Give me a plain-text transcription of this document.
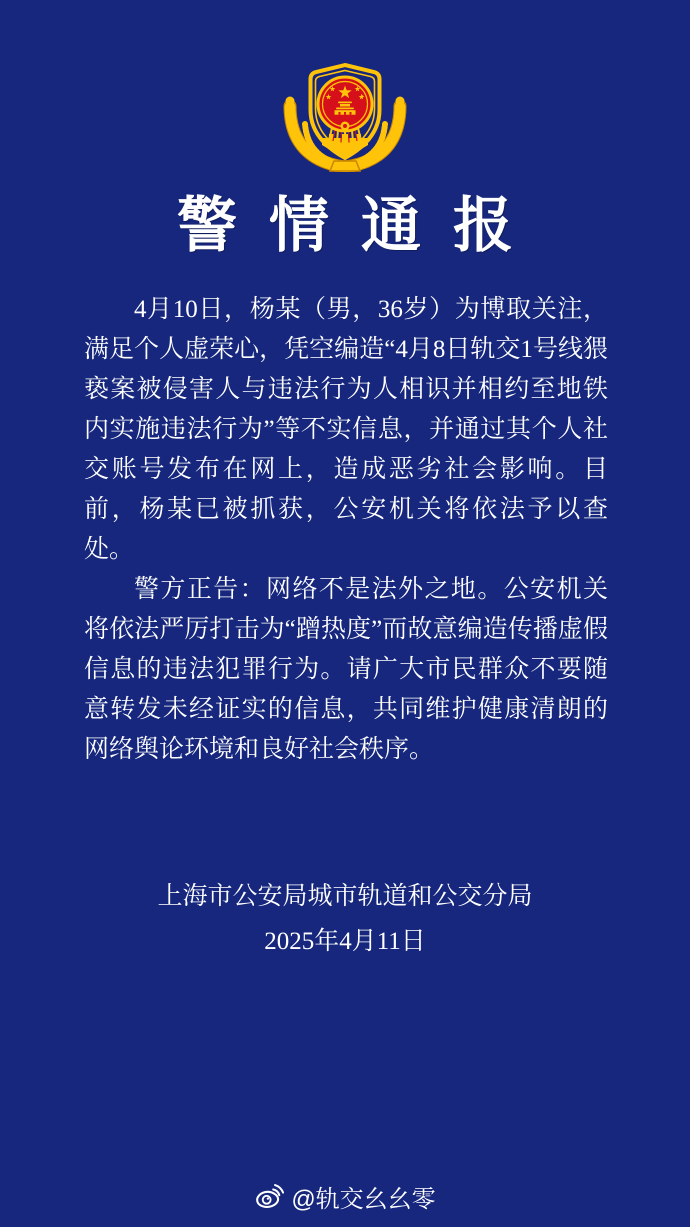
警情通报

4月10日，杨某（男，36岁）为博取关注，满足个人虚荣心，凭空编造“4月8日轨交1号线猥亵案被侵害人与违法行为人相识并相约至地铁内实施违法行为”等不实信息，并通过其个人社交账号发布在网上，造成恶劣社会影响。目前，杨某已被抓获，公安机关将依法予以查处。

警方正告：网络不是法外之地。公安机关将依法严厉打击为“蹭热度”而故意编造传播虚假信息的违法犯罪行为。请广大市民群众不要随意转发未经证实的信息，共同维护健康清朗的网络舆论环境和良好社会秩序。

上海市公安局城市轨道和公交分局
2025年4月11日
@轨交幺幺零
